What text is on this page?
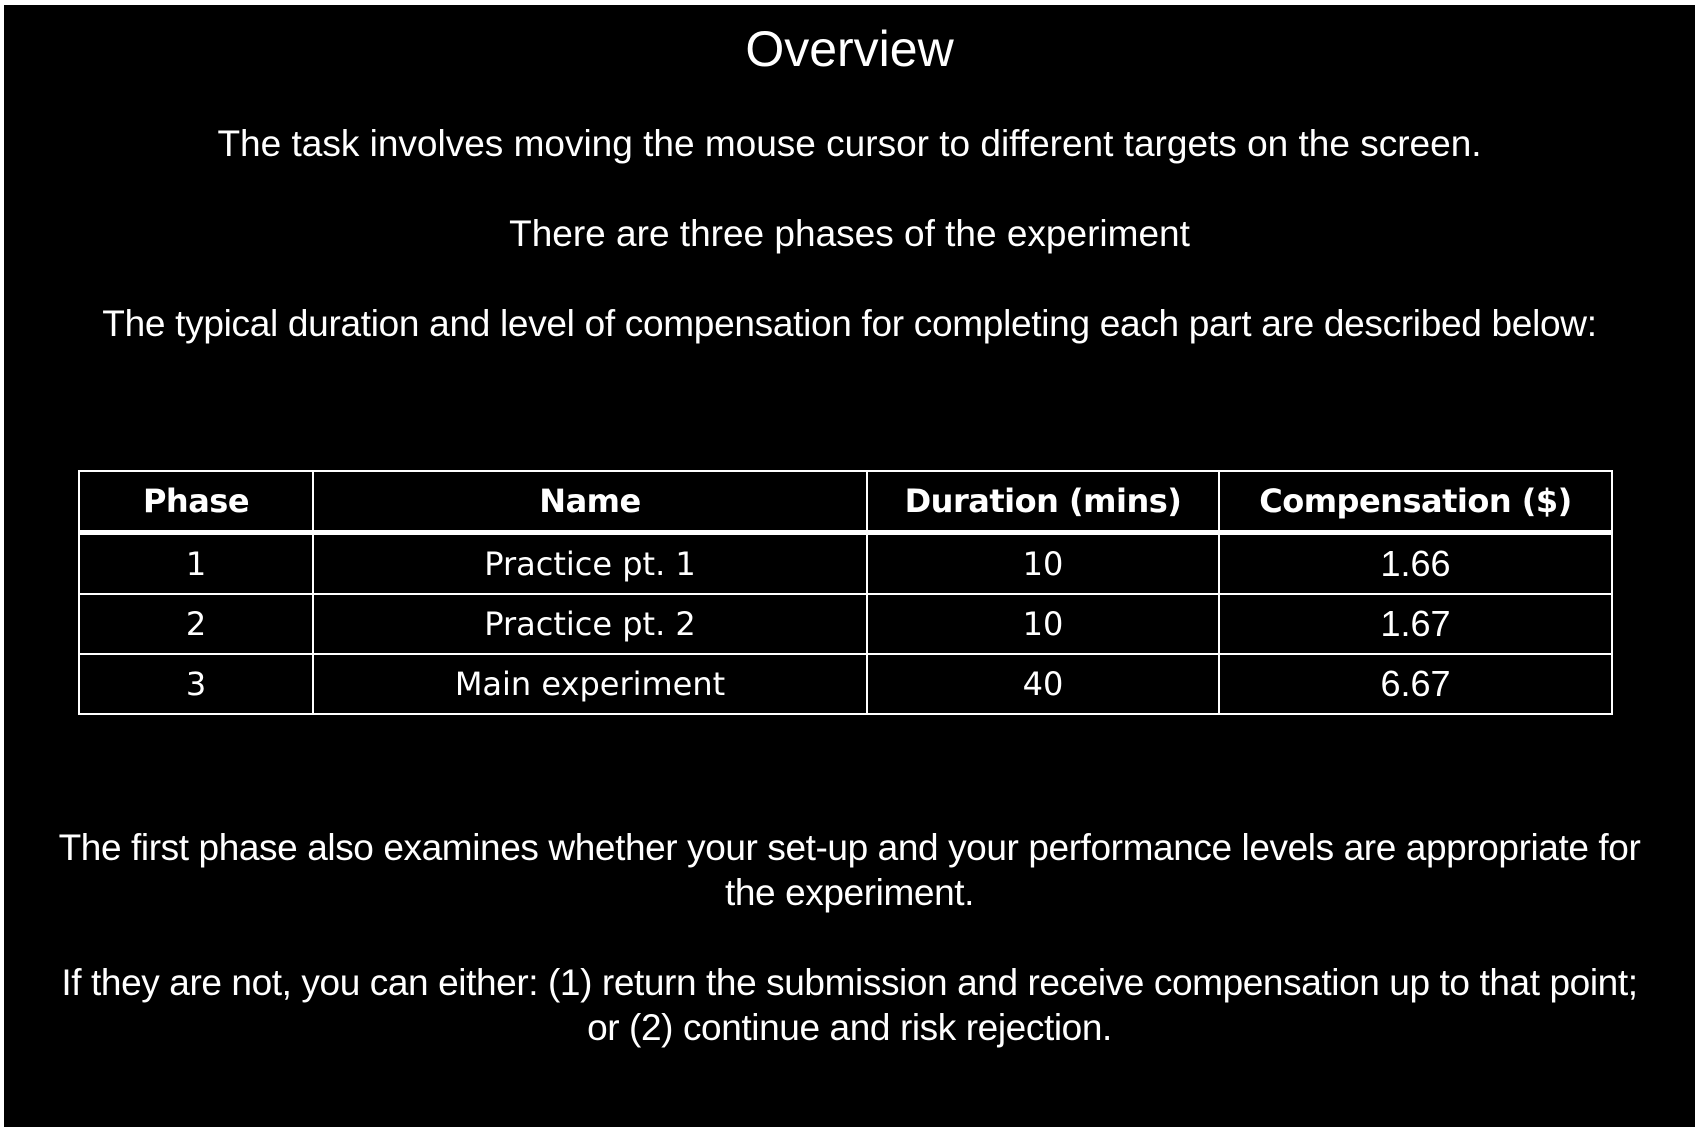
Overview
The task involves moving the mouse cursor to different targets on the screen.
There are three phases of the experiment
The typical duration and level of compensation for completing each part are described below:
Phase	Name	Duration (mins)	Compensation ($)
1	Practice pt. 1	10	1.66
2	Practice pt. 2	10	1.67
3	Main experiment	40	6.67
The first phase also examines whether your set-up and your performance levels are appropriate for
the experiment.
If they are not, you can either: (1) return the submission and receive compensation up to that point;
or (2) continue and risk rejection.
